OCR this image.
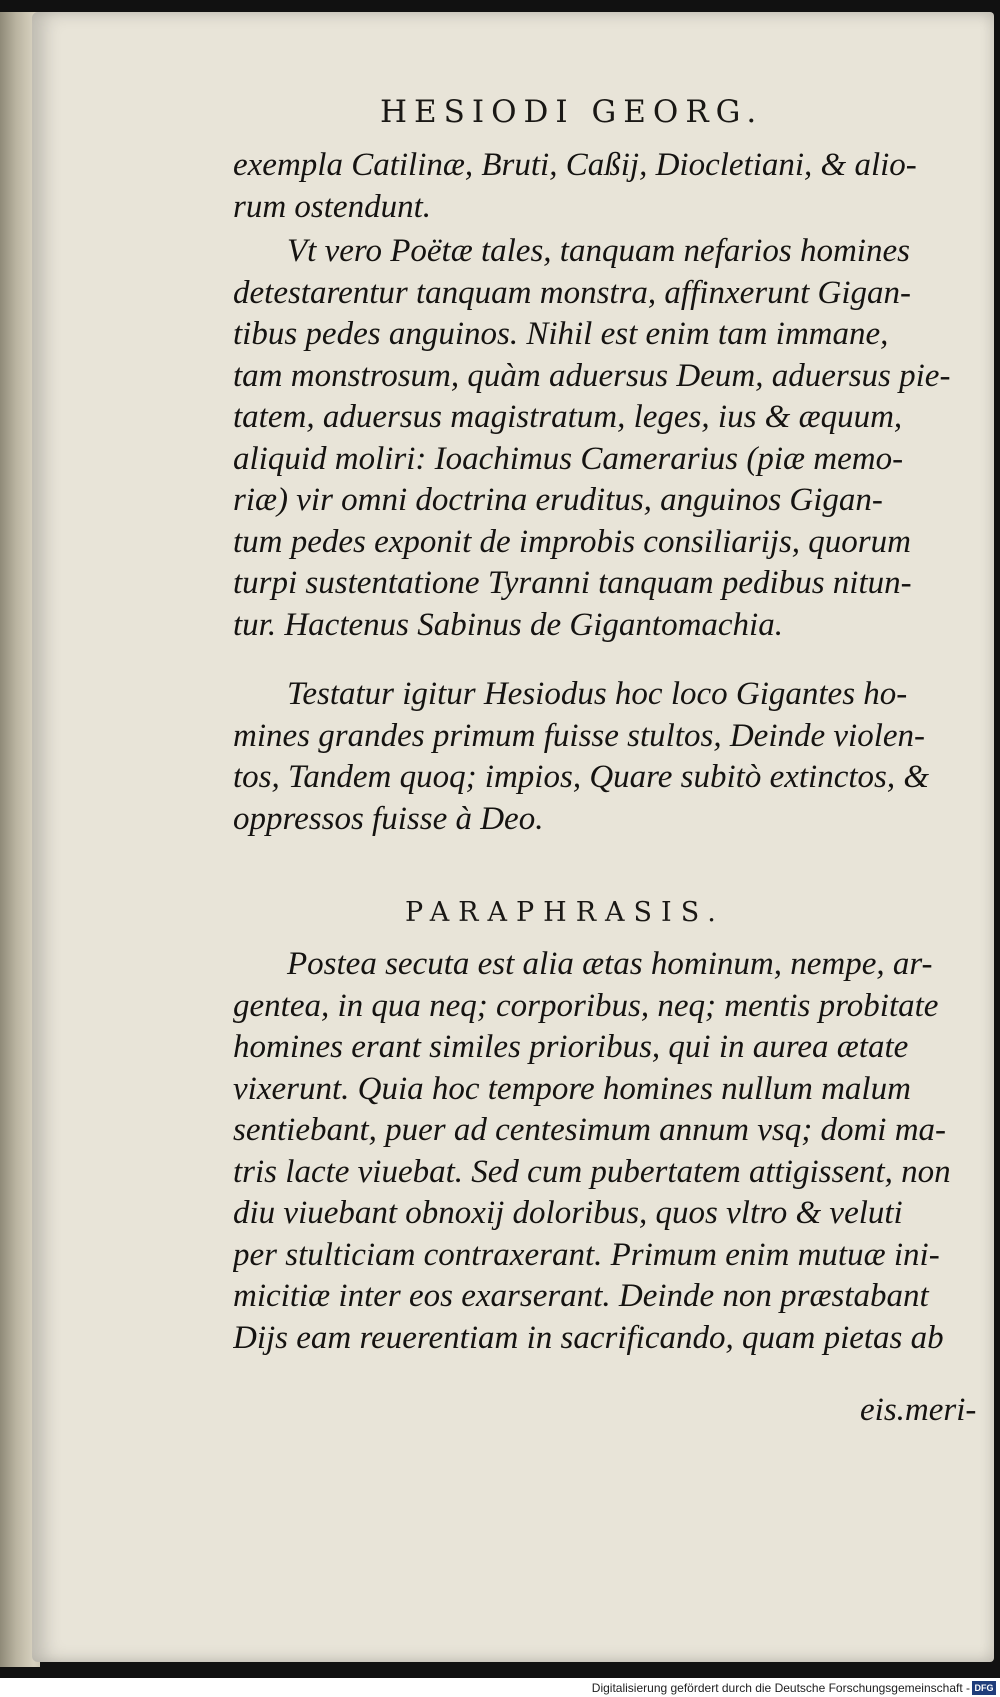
HESIODI GEORG.
exempla Catilinæ, Bruti, Caßij, Diocletiani, & alio-
rum ostendunt.
Vt vero Poëtæ tales, tanquam nefarios homines
detestarentur tanquam monstra, affinxerunt Gigan-
tibus pedes anguinos. Nihil est enim tam immane,
tam monstrosum, quàm aduersus Deum, aduersus pie-
tatem, aduersus magistratum, leges, ius & æquum,
aliquid moliri: Ioachimus Camerarius (piæ memo-
riæ) vir omni doctrina eruditus, anguinos Gigan-
tum pedes exponit de improbis consiliarijs, quorum
turpi sustentatione Tyranni tanquam pedibus nitun-
tur. Hactenus Sabinus de Gigantomachia.
Testatur igitur Hesiodus hoc loco Gigantes ho-
mines grandes primum fuisse stultos, Deinde violen-
tos, Tandem quoq; impios, Quare subitò extinctos, &
oppressos fuisse à Deo.
PARAPHRASIS.
Postea secuta est alia ætas hominum, nempe, ar-
gentea, in qua neq; corporibus, neq; mentis probitate
homines erant similes prioribus, qui in aurea ætate
vixerunt. Quia hoc tempore homines nullum malum
sentiebant, puer ad centesimum annum vsq; domi ma-
tris lacte viuebat. Sed cum pubertatem attigissent, non
diu viuebant obnoxij doloribus, quos vltro & veluti
per stulticiam contraxerant. Primum enim mutuæ ini-
micitiæ inter eos exarserant. Deinde non præstabant
Dijs eam reuerentiam in sacrificando, quam pietas ab
eis.meri-
Digitalisierung gefördert durch die Deutsche Forschungsgemeinschaft - DFG
